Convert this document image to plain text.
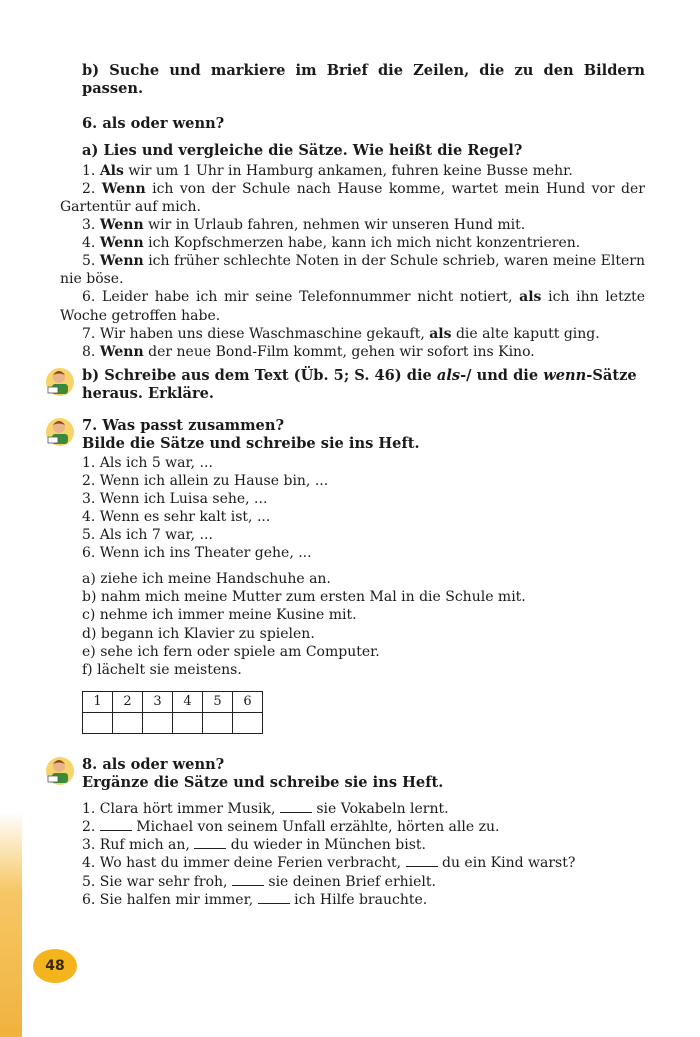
48
b) Suche und markiere im Brief die Zeilen, die zu den Bildern passen.
6. als oder wenn?
a) Lies und vergleiche die Sätze. Wie heißt die Regel?
1. Als wir um 1 Uhr in Hamburg ankamen, fuhren keine Busse mehr.
2. Wenn ich von der Schule nach Hause komme, wartet mein Hund vor der Gartentür auf mich.
3. Wenn wir in Urlaub fahren, nehmen wir unseren Hund mit.
4. Wenn ich Kopfschmerzen habe, kann ich mich nicht konzentrieren.
5. Wenn ich früher schlechte Noten in der Schule schrieb, waren meine Eltern nie böse.
6. Leider habe ich mir seine Telefonnummer nicht notiert, als ich ihn letzte Woche getroffen habe.
7. Wir haben uns diese Waschmaschine gekauft, als die alte kaputt ging.
8. Wenn der neue Bond-Film kommt, gehen wir sofort ins Kino.
b) Schreibe aus dem Text (Üb. 5; S. 46) die als-/ und die wenn-Sätze heraus. Erkläre.
7. Was passt zusammen?
Bilde die Sätze und schreibe sie ins Heft.
1. Als ich 5 war, ...
2. Wenn ich allein zu Hause bin, ...
3. Wenn ich Luisa sehe, ...
4. Wenn es sehr kalt ist, ...
5. Als ich 7 war, ...
6. Wenn ich ins Theater gehe, ...
a) ziehe ich meine Handschuhe an.
b) nahm mich meine Mutter zum ersten Mal in die Schule mit.
c) nehme ich immer meine Kusine mit.
d) begann ich Klavier zu spielen.
e) sehe ich fern oder spiele am Computer.
f) lächelt sie meistens.
1	2	3	4	5	6

8. als oder wenn?
Ergänze die Sätze und schreibe sie ins Heft.
1. Clara hört immer Musik,  sie Vokabeln lernt.
2.  Michael von seinem Unfall erzählte, hörten alle zu.
3. Ruf mich an,  du wieder in München bist.
4. Wo hast du immer deine Ferien verbracht,  du ein Kind warst?
5. Sie war sehr froh,  sie deinen Brief erhielt.
6. Sie halfen mir immer,  ich Hilfe brauchte.
